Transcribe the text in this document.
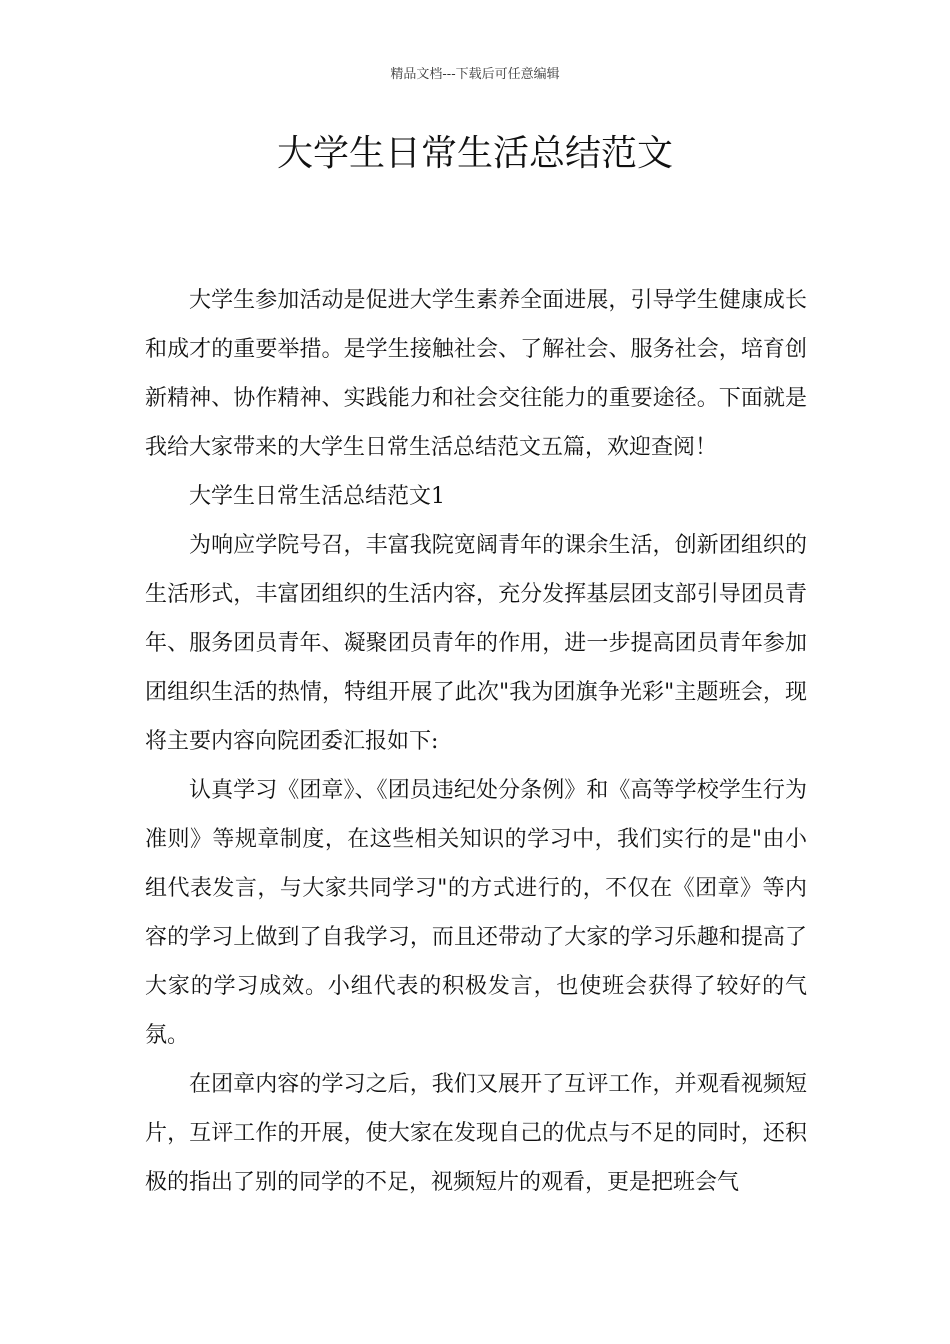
精品文档---下载后可任意编辑
大学生日常生活总结范文

大学生参加活动是促进大学生素养全面进展，引导学生健康成长和成才的重要举措。是学生接触社会、了解社会、服务社会，培育创新精神、协作精神、实践能力和社会交往能力的重要途径。下面就是我给大家带来的大学生日常生活总结范文五篇，欢迎查阅！

大学生日常生活总结范文1

为响应学院号召，丰富我院宽阔青年的课余生活，创新团组织的生活形式，丰富团组织的生活内容，充分发挥基层团支部引导团员青年、服务团员青年、凝聚团员青年的作用，进一步提高团员青年参加团组织生活的热情，特组开展了此次"我为团旗争光彩"主题班会，现将主要内容向院团委汇报如下:

认真学习《团章》、《团员违纪处分条例》和《高等学校学生行为准则》等规章制度，在这些相关知识的学习中，我们实行的是"由小组代表发言，与大家共同学习"的方式进行的，不仅在《团章》等内容的学习上做到了自我学习，而且还带动了大家的学习乐趣和提高了大家的学习成效。小组代表的积极发言，也使班会获得了较好的气氛。

在团章内容的学习之后，我们又展开了互评工作，并观看视频短片，互评工作的开展，使大家在发现自己的优点与不足的同时，还积极的指出了别的同学的不足，视频短片的观看，更是把班会气
